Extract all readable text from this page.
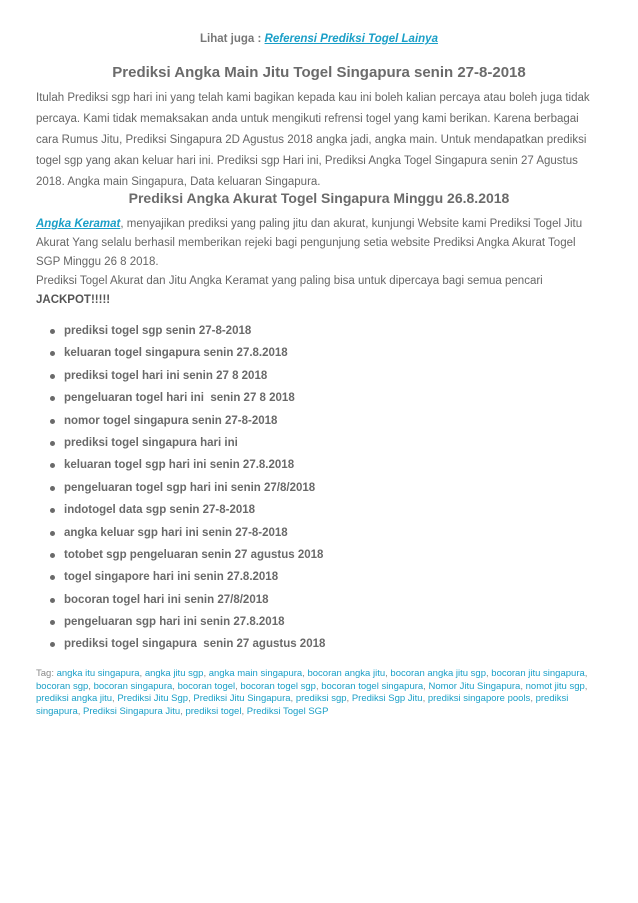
Lihat juga : Referensi Prediksi Togel Lainya
Prediksi Angka Main Jitu Togel Singapura senin 27-8-2018

Itulah Prediksi sgp hari ini yang telah kami bagikan kepada kau ini boleh kalian percaya atau boleh juga tidak percaya. Kami tidak memaksakan anda untuk mengikuti refrensi togel yang kami berikan. Karena berbagai cara Rumus Jitu, Prediksi Singapura 2D Agustus 2018 angka jadi, angka main. Untuk mendapatkan prediksi togel sgp yang akan keluar hari ini. Prediksi sgp Hari ini, Prediksi Angka Togel Singapura senin 27 Agustus 2018. Angka main Singapura, Data keluaran Singapura.

Prediksi Angka Akurat Togel Singapura Minggu 26.8.2018

Angka Keramat, menyajikan prediksi yang paling jitu dan akurat, kunjungi Website kami Prediksi Togel Jitu Akurat Yang selalu berhasil memberikan rejeki bagi pengunjung setia website Prediksi Angka Akurat Togel SGP Minggu 26 8 2018.
Prediksi Togel Akurat dan Jitu Angka Keramat yang paling bisa untuk dipercaya bagi semua pencari JACKPOT!!!!!

prediksi togel sgp senin 27-8-2018
keluaran togel singapura senin 27.8.2018
prediksi togel hari ini senin 27 8 2018
pengeluaran togel hari ini  senin 27 8 2018
nomor togel singapura senin 27-8-2018
prediksi togel singapura hari ini
keluaran togel sgp hari ini senin 27.8.2018
pengeluaran togel sgp hari ini senin 27/8/2018
indotogel data sgp senin 27-8-2018
angka keluar sgp hari ini senin 27-8-2018
totobet sgp pengeluaran senin 27 agustus 2018
togel singapore hari ini senin 27.8.2018
bocoran togel hari ini senin 27/8/2018
pengeluaran sgp hari ini senin 27.8.2018
prediksi togel singapura  senin 27 agustus 2018

Tag: angka itu singapura, angka jitu sgp, angka main singapura, bocoran angka jitu, bocoran angka jitu sgp, bocoran jitu singapura, bocoran sgp, bocoran singapura, bocoran togel, bocoran togel sgp, bocoran togel singapura, Nomor Jitu Singapura, nomot jitu sgp, prediksi angka jitu, Prediksi Jitu Sgp, Prediksi Jitu Singapura, prediksi sgp, Prediksi Sgp Jitu, prediksi singapore pools, prediksi singapura, Prediksi Singapura Jitu, prediksi togel, Prediksi Togel SGP
